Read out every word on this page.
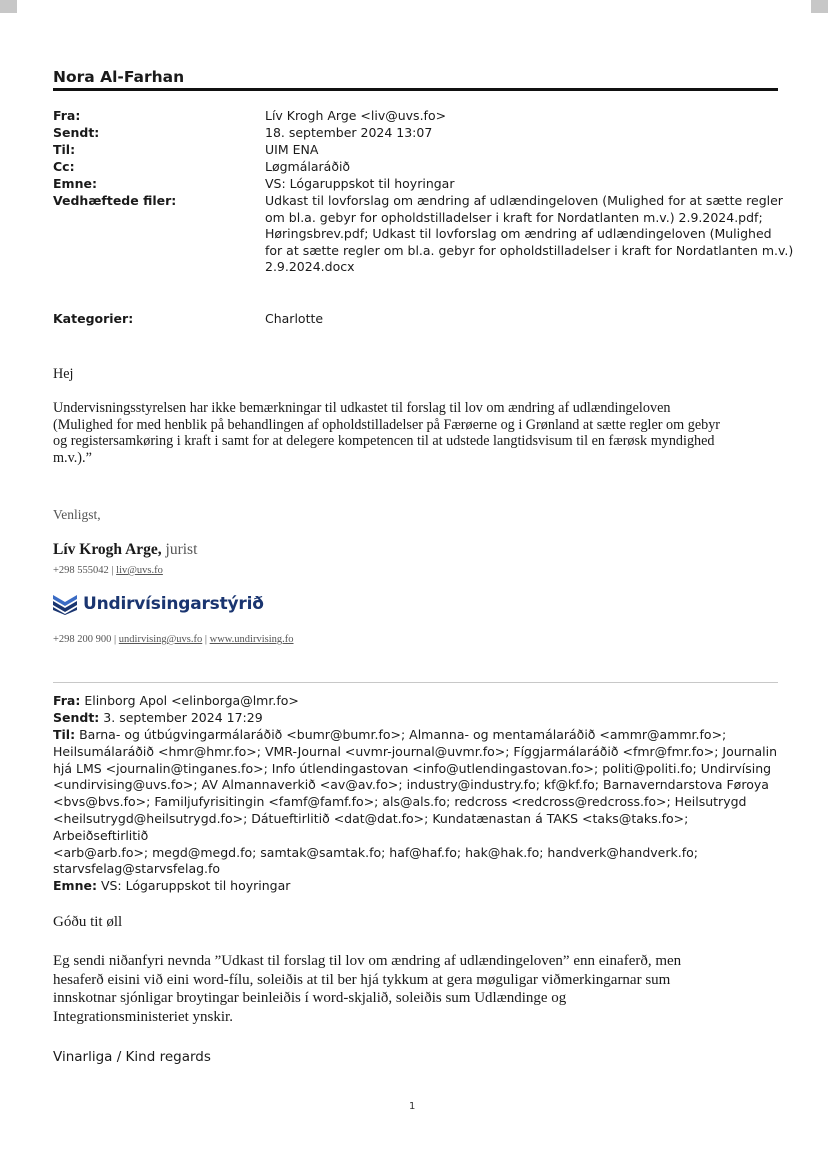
Nora Al-Farhan
Fra:	Lív Krogh Arge <liv@uvs.fo>
Sendt:	18. september 2024 13:07
Til:	UIM ENA
Cc:	Løgmálaráðið
Emne:	VS: Lógaruppskot til hoyringar
Vedhæftede filer:	Udkast til lovforslag om ændring af udlændingeloven (Mulighed for at sætte regler
om bl.a. gebyr for opholdstilladelser i kraft for Nordatlanten m.v.) 2.9.2024.pdf;
Høringsbrev.pdf; Udkast til lovforslag om ændring af udlændingeloven (Mulighed
for at sætte regler om bl.a. gebyr for opholdstilladelser i kraft for Nordatlanten m.v.)
2.9.2024.docx
Kategorier:	Charlotte
Hej
Undervisningsstyrelsen har ikke bemærkningar til udkastet til forslag til lov om ændring af udlændingeloven
(Mulighed for med henblik på behandlingen af opholdstilladelser på Færøerne og i Grønland at sætte regler om gebyr
og registersamkøring i kraft i samt for at delegere kompetencen til at udstede langtidsvisum til en færøsk myndighed
m.v.).”
Venligst,
Lív Krogh Arge, jurist
+298 555042 | liv@uvs.fo
Undirvísingarstýrið
+298 200 900 | undirvising@uvs.fo | www.undirvising.fo
Fra: Elinborg Apol <elinborga@lmr.fo>
Sendt: 3. september 2024 17:29
Til: Barna- og útbúgvingarmálaráðið <bumr@bumr.fo>; Almanna- og mentamálaráðið <ammr@ammr.fo>;
Heilsumálaráðið <hmr@hmr.fo>; VMR-Journal <uvmr-journal@uvmr.fo>; Fíggjarmálaráðið <fmr@fmr.fo>; Journalin
hjá LMS <journalin@tinganes.fo>; Info útlendingastovan <info@utlendingastovan.fo>; politi@politi.fo; Undirvísing
<undirvising@uvs.fo>; AV Almannaverkið <av@av.fo>; industry@industry.fo; kf@kf.fo; Barnaverndarstova Føroya
<bvs@bvs.fo>; Familjufyrisitingin <famf@famf.fo>; als@als.fo; redcross <redcross@redcross.fo>; Heilsutrygd
<heilsutrygd@heilsutrygd.fo>; Dátueftirlitið <dat@dat.fo>; Kundatænastan á TAKS <taks@taks.fo>; Arbeiðseftirlitið
<arb@arb.fo>; megd@megd.fo; samtak@samtak.fo; haf@haf.fo; hak@hak.fo; handverk@handverk.fo;
starvsfelag@starvsfelag.fo
Emne: VS: Lógaruppskot til hoyringar
Góðu tit øll
Eg sendi niðanfyri nevnda ”Udkast til forslag til lov om ændring af udlændingeloven” enn einaferð, men
hesaferð eisini við eini word-fílu, soleiðis at til ber hjá tykkum at gera møguligar viðmerkingarnar sum
innskotnar sjónligar broytingar beinleiðis í word-skjalið, soleiðis sum Udlændinge og
Integrationsministeriet ynskir.
Vinarliga / Kind regards
1
